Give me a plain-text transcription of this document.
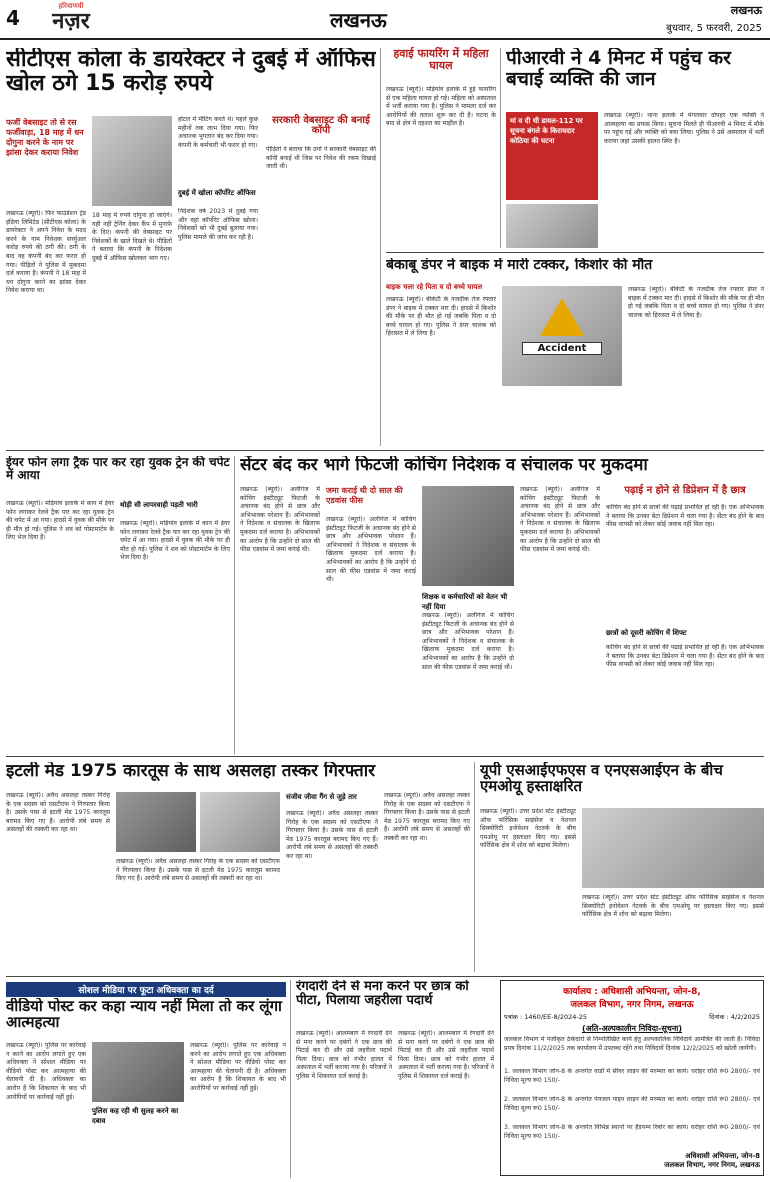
4	हरियाणवी
नज़र	लखनऊ	लखनऊ
बुधवार, 5 फरवरी, 2025
सीटीएस कोला के डायरेक्टर ने दुबई में ऑफिस खोल ठगे 15 करोड़ रुपये
फर्जी वेबसाइट तो से रस फर्जीवाड़ा, 18 माह में धन दोगुना करने के नाम पर झांसा देकर कराया निवेश
लखनऊ (ब्यूरो)। फिर फाउंडेशन ट्रेड इंडिया लिमिटेड (सीटीएस कोला) के डायरेक्टर ने अपने निवेश के मदद करने के नाम निवेशक सर्च्युअल करोड़ रुपये की ठगी की। ठगी के बाद वह कंपनी बंद कर फरार हो गया। पीड़ितों ने पुलिस में मुकदमा दर्ज कराया है। कंपनी ने 18 माह में धन दोगुना करने का झांसा देकर निवेश कराया था।
18 माह में रुपये दोगुना हो जाएंगे। यही नहीं ट्रेनिंग देकर कैंप में मुनाफे के दिए। कंपनी की वेबसाइट पर निवेशकों के खाते दिखते थे। पीड़ितों ने बताया कि कंपनी के निदेशक दुबई में ऑफिस खोलकर भाग गए।
होटल में मीटिंग करते थे। पहले कुछ महीनों तक लाभ दिया गया। फिर अचानक भुगतान बंद कर दिया गया। कंपनी के कर्मचारी भी फरार हो गए।
दुबई में खोला कॉर्पोरेट ऑफिस
निदेशक वर्ष 2023 में दुबई गया और वहां कॉर्पोरेट ऑफिस खोला। निवेशकों को भी दुबई बुलाया गया। पुलिस मामले की जांच कर रही है।
सरकारी वेबसाइट की बनाई कॉपी
पीड़ितों ने बताया कि ठगों ने सरकारी वेबसाइट की कॉपी बनाई थी जिस पर निवेश की रकम दिखाई जाती थी।
हवाई फायरिंग में महिला घायल
लखनऊ (ब्यूरो)। मड़ियांव इलाके में हुई फायरिंग से एक महिला घायल हो गई। महिला को अस्पताल में भर्ती कराया गया है। पुलिस ने मामला दर्ज कर आरोपियों की तलाश शुरू कर दी है। घटना के बाद से क्षेत्र में दहशत का माहौल है।
पीआरवी ने 4 मिनट में पहुंच कर बचाई व्यक्ति की जान
मां व दी थी डायल-112 पर सूचना बंगले के किरायदार कोठिया की घटना
लखनऊ (ब्यूरो)। थाना इलाके में मंगलवार दोपहर एक व्यक्ति ने आत्महत्या का प्रयास किया। सूचना मिलते ही पीआरवी 4 मिनट में मौके पर पहुंच गई और व्यक्ति को बचा लिया। पुलिस ने उसे अस्पताल में भर्ती कराया जहां उसकी हालत स्थिर है।
बेकाबू डंपर ने बाइक में मारी टक्कर, किशोर की मौत
बाइक चला रहे पिता व दो बच्चे घायल
लखनऊ (ब्यूरो)। बीकेटी के नजदीक तेज रफ्तार डंपर ने बाइक में टक्कर मार दी। हादसे में किशोर की मौके पर ही मौत हो गई जबकि पिता व दो बच्चे घायल हो गए। पुलिस ने डंपर चालक को हिरासत में ले लिया है।
Accident
लखनऊ (ब्यूरो)। बीकेटी के नजदीक तेज रफ्तार डंपर ने बाइक में टक्कर मार दी। हादसे में किशोर की मौके पर ही मौत हो गई जबकि पिता व दो बच्चे घायल हो गए। पुलिस ने डंपर चालक को हिरासत में ले लिया है।
ईयर फोन लगा ट्रैक पार कर रहा युवक ट्रेन की चपेट में आया
लखनऊ (ब्यूरो)। मड़ियांव इलाके में कान में ईयर फोन लगाकर रेलवे ट्रैक पार कर रहा युवक ट्रेन की चपेट में आ गया। हादसे में युवक की मौके पर ही मौत हो गई। पुलिस ने शव को पोस्टमार्टम के लिए भेज दिया है।
थोड़ी सी लापरवाही पड़ती भारी
लखनऊ (ब्यूरो)। मड़ियांव इलाके में कान में ईयर फोन लगाकर रेलवे ट्रैक पार कर रहा युवक ट्रेन की चपेट में आ गया। हादसे में युवक की मौके पर ही मौत हो गई। पुलिस ने शव को पोस्टमार्टम के लिए भेज दिया है।
सेंटर बंद कर भागे फिटजी कोचिंग निदेशक व संचालक पर मुकदमा
लखनऊ (ब्यूरो)। अलीगंज में कोचिंग इंस्टीट्यूट फिटजी के अचानक बंद होने से छात्र और अभिभावक परेशान हैं। अभिभावकों ने निदेशक व संचालक के खिलाफ मुकदमा दर्ज कराया है। अभिभावकों का आरोप है कि उन्होंने दो साल की फीस एडवांस में जमा कराई थी।
जमा कराई थी दो साल की एडवांस फीस
लखनऊ (ब्यूरो)। अलीगंज में कोचिंग इंस्टीट्यूट फिटजी के अचानक बंद होने से छात्र और अभिभावक परेशान हैं। अभिभावकों ने निदेशक व संचालक के खिलाफ मुकदमा दर्ज कराया है। अभिभावकों का आरोप है कि उन्होंने दो साल की फीस एडवांस में जमा कराई थी।
शिक्षक व कर्मचारियों को वेतन भी नहीं दिया
लखनऊ (ब्यूरो)। अलीगंज में कोचिंग इंस्टीट्यूट फिटजी के अचानक बंद होने से छात्र और अभिभावक परेशान हैं। अभिभावकों ने निदेशक व संचालक के खिलाफ मुकदमा दर्ज कराया है। अभिभावकों का आरोप है कि उन्होंने दो साल की फीस एडवांस में जमा कराई थी।
लखनऊ (ब्यूरो)। अलीगंज में कोचिंग इंस्टीट्यूट फिटजी के अचानक बंद होने से छात्र और अभिभावक परेशान हैं। अभिभावकों ने निदेशक व संचालक के खिलाफ मुकदमा दर्ज कराया है। अभिभावकों का आरोप है कि उन्होंने दो साल की फीस एडवांस में जमा कराई थी।
पढ़ाई न होने से डिप्रेशन में है छात्र
कोचिंग बंद होने से छात्रों की पढ़ाई प्रभावित हो रही है। एक अभिभावक ने बताया कि उनका बेटा डिप्रेशन में चला गया है। सेंटर बंद होने के बाद फीस वापसी को लेकर कोई जवाब नहीं मिल रहा।
छात्रों को दूसरी कोचिंग में शिफ्ट
कोचिंग बंद होने से छात्रों की पढ़ाई प्रभावित हो रही है। एक अभिभावक ने बताया कि उनका बेटा डिप्रेशन में चला गया है। सेंटर बंद होने के बाद फीस वापसी को लेकर कोई जवाब नहीं मिल रहा।
इटली मेड 1975 कारतूस के साथ असलहा तस्कर गिरफ्तार
लखनऊ (ब्यूरो)। अवैध असलहा तस्कर गिरोह के एक सदस्य को एसटीएफ ने गिरफ्तार किया है। उसके पास से इटली मेड 1975 कारतूस बरामद किए गए हैं। आरोपी लंबे समय से असलहों की तस्करी कर रहा था।
लखनऊ (ब्यूरो)। अवैध असलहा तस्कर गिरोह के एक सदस्य को एसटीएफ ने गिरफ्तार किया है। उसके पास से इटली मेड 1975 कारतूस बरामद किए गए हैं। आरोपी लंबे समय से असलहों की तस्करी कर रहा था।
संजीव जीवा गैंग से जुड़े तार
लखनऊ (ब्यूरो)। अवैध असलहा तस्कर गिरोह के एक सदस्य को एसटीएफ ने गिरफ्तार किया है। उसके पास से इटली मेड 1975 कारतूस बरामद किए गए हैं। आरोपी लंबे समय से असलहों की तस्करी कर रहा था।
लखनऊ (ब्यूरो)। अवैध असलहा तस्कर गिरोह के एक सदस्य को एसटीएफ ने गिरफ्तार किया है। उसके पास से इटली मेड 1975 कारतूस बरामद किए गए हैं। आरोपी लंबे समय से असलहों की तस्करी कर रहा था।
यूपी एसआईएफएस व एनएसआईएन के बीच एमओयू हस्ताक्षरित
लखनऊ (ब्यूरो)। उत्तर प्रदेश स्टेट इंस्टीट्यूट ऑफ फॉरेंसिक साइंसेज व नेशनल सिक्योरिटी इनोवेशन नेटवर्क के बीच एमओयू पर हस्ताक्षर किए गए। इससे फॉरेंसिक क्षेत्र में शोध को बढ़ावा मिलेगा।
लखनऊ (ब्यूरो)। उत्तर प्रदेश स्टेट इंस्टीट्यूट ऑफ फॉरेंसिक साइंसेज व नेशनल सिक्योरिटी इनोवेशन नेटवर्क के बीच एमओयू पर हस्ताक्षर किए गए। इससे फॉरेंसिक क्षेत्र में शोध को बढ़ावा मिलेगा।
सोशल मीडिया पर फूटा अधिवक्ता का दर्द
वीडियो पोस्ट कर कहा न्याय नहीं मिला तो कर लूंगा आत्महत्या
लखनऊ (ब्यूरो)। पुलिस पर कार्रवाई न करने का आरोप लगाते हुए एक अधिवक्ता ने सोशल मीडिया पर वीडियो पोस्ट कर आत्महत्या की चेतावनी दी है। अधिवक्ता का आरोप है कि शिकायत के बाद भी आरोपियों पर कार्रवाई नहीं हुई।
पुलिस कह रही थी सुलह करने का दबाव
लखनऊ (ब्यूरो)। पुलिस पर कार्रवाई न करने का आरोप लगाते हुए एक अधिवक्ता ने सोशल मीडिया पर वीडियो पोस्ट कर आत्महत्या की चेतावनी दी है। अधिवक्ता का आरोप है कि शिकायत के बाद भी आरोपियों पर कार्रवाई नहीं हुई।
रंगदारी देने से मना करने पर छात्र को पीटा, पिलाया जहरीला पदार्थ
लखनऊ (ब्यूरो)। आलमबाग में रंगदारी देने से मना करने पर दबंगों ने एक छात्र की पिटाई कर दी और उसे जहरीला पदार्थ पिला दिया। छात्र को गंभीर हालत में अस्पताल में भर्ती कराया गया है। परिजनों ने पुलिस में शिकायत दर्ज कराई है।
लखनऊ (ब्यूरो)। आलमबाग में रंगदारी देने से मना करने पर दबंगों ने एक छात्र की पिटाई कर दी और उसे जहरीला पदार्थ पिला दिया। छात्र को गंभीर हालत में अस्पताल में भर्ती कराया गया है। परिजनों ने पुलिस में शिकायत दर्ज कराई है।
कार्यालय : अधिशासी अभियन्ता, जोन-8,
जलकल विभाग, नगर निगम, लखनऊ
पत्रांक : 1460/EE-8/2024-25	दिनांक : 4/2/2025
(अति-अल्पकालीन निविदा-सूचना)
जलकल विभाग में पंजीकृत ठेकेदारों से निम्नलिखित कार्य हेतु अल्पकालिक निविदायें आमंत्रित की जाती हैं। निविदा प्रपत्र दिनांक 11/2/2025 तक कार्यालय में उपलब्ध रहेंगे तथा निविदायें दिनांक 12/2/2025 को खोली जायेंगी।
1. जलकल विभाग जोन-8 के अन्तर्गत वार्डों में सीवर लाइन की मरम्मत का कार्य। धरोहर राशि रू0 2800/- एवं निविदा मूल्य रू0 150/-
2. जलकल विभाग जोन-8 के अन्तर्गत पेयजल पाइप लाइन की मरम्मत का कार्य। धरोहर राशि रू0 2800/- एवं निविदा मूल्य रू0 150/-
3. जलकल विभाग जोन-8 के अन्तर्गत विभिन्न स्थानों पर हैंडपम्प रिबोर का कार्य। धरोहर राशि रू0 2800/- एवं निविदा मूल्य रू0 150/-
अधिशासी अभियन्ता, जोन-8
जलकल विभाग, नगर निगम, लखनऊ
